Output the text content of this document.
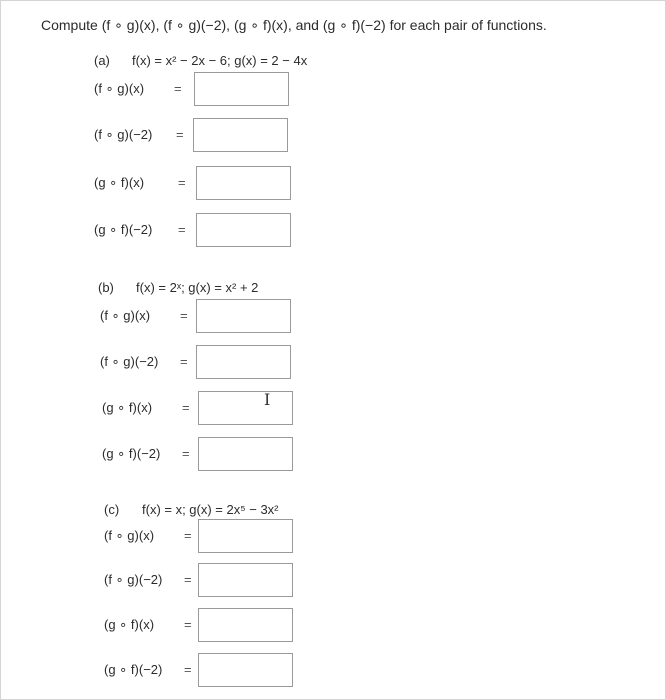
Compute (f ∘ g)(x), (f ∘ g)(−2), (g ∘ f)(x), and (g ∘ f)(−2) for each pair of functions.
(a) f(x) = x² − 2x − 6; g(x) = 2 − 4x
(f ∘ g)(x) =
(f ∘ g)(−2) =
(g ∘ f)(x)	=
(g ∘ f)(−2) =
(b) f(x) = 2ˣ; g(x) = x² + 2
(f ∘ g)(x) =
(f ∘ g)(−2) =
(g ∘ f)(x) =	I
(g ∘ f)(−2) =
(c) f(x) = x; g(x) = 2x⁵ − 3x²
(f ∘ g)(x) =
(f ∘ g)(−2) =
(g ∘ f)(x) =
(g ∘ f)(−2) =
